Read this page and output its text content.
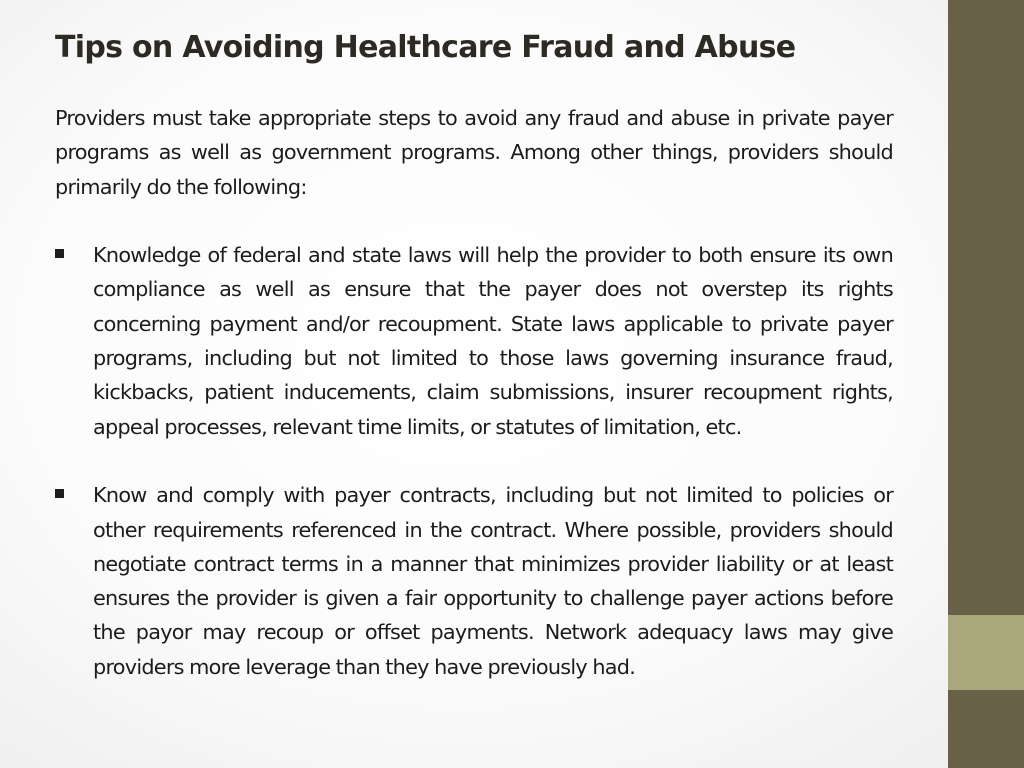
Tips on Avoiding Healthcare Fraud and Abuse

Providers must take appropriate steps to avoid any fraud and abuse in private payer programs as well as government programs. Among other things, providers should primarily do the following:

Knowledge of federal and state laws will help the provider to both ensure its own compliance as well as ensure that the payer does not overstep its rights concerning payment and/or recoupment. State laws applicable to private payer programs, including but not limited to those laws governing insurance fraud, kickbacks, patient inducements, claim submissions, insurer recoupment rights, appeal processes, relevant time limits, or statutes of limitation, etc.
Know and comply with payer contracts, including but not limited to policies or other requirements referenced in the contract. Where possible, providers should negotiate contract terms in a manner that minimizes provider liability or at least ensures the provider is given a fair opportunity to challenge payer actions before the payor may recoup or offset payments. Network adequacy laws may give providers more leverage than they have previously had.
